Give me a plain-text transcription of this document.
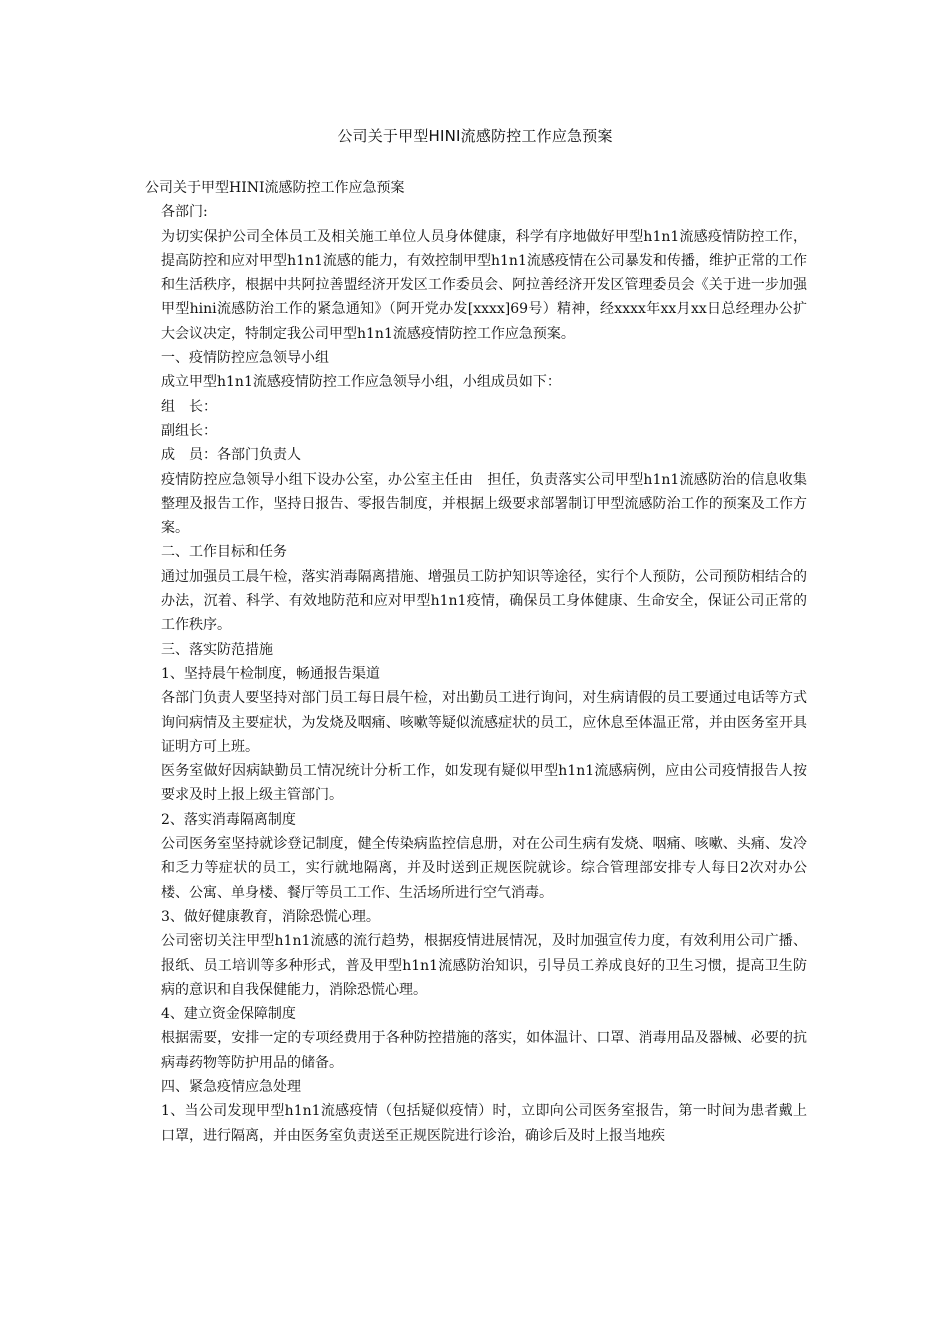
公司关于甲型HINI流感防控工作应急预案

公司关于甲型HINI流感防控工作应急预案

各部门:

为切实保护公司全体员工及相关施工单位人员身体健康，科学有序地做好甲型h1n1流感疫情防控工作，提高防控和应对甲型h1n1流感的能力，有效控制甲型h1n1流感疫情在公司暴发和传播，维护正常的工作和生活秩序，根据中共阿拉善盟经济开发区工作委员会、阿拉善经济开发区管理委员会《关于进一步加强甲型hini流感防治工作的紧急通知》（阿开党办发[xxxx]69号）精神，经xxxx年xx月xx日总经理办公扩大会议决定，特制定我公司甲型h1n1流感疫情防控工作应急预案。

一、疫情防控应急领导小组

成立甲型h1n1流感疫情防控工作应急领导小组，小组成员如下：

组　长：

副组长：

成　员：各部门负责人

疫情防控应急领导小组下设办公室，办公室主任由　担任，负责落实公司甲型h1n1流感防治的信息收集整理及报告工作，坚持日报告、零报告制度，并根据上级要求部署制订甲型流感防治工作的预案及工作方案。

二、工作目标和任务

通过加强员工晨午检，落实消毒隔离措施、增强员工防护知识等途径，实行个人预防，公司预防相结合的办法，沉着、科学、有效地防范和应对甲型h1n1疫情，确保员工身体健康、生命安全，保证公司正常的工作秩序。

三、落实防范措施

1、坚持晨午检制度，畅通报告渠道

各部门负责人要坚持对部门员工每日晨午检，对出勤员工进行询问，对生病请假的员工要通过电话等方式询问病情及主要症状，为发烧及咽痛、咳嗽等疑似流感症状的员工，应休息至体温正常，并由医务室开具证明方可上班。

医务室做好因病缺勤员工情况统计分析工作，如发现有疑似甲型h1n1流感病例，应由公司疫情报告人按要求及时上报上级主管部门。

2、落实消毒隔离制度

公司医务室坚持就诊登记制度，健全传染病监控信息册，对在公司生病有发烧、咽痛、咳嗽、头痛、发冷和乏力等症状的员工，实行就地隔离，并及时送到正规医院就诊。综合管理部安排专人每日2次对办公楼、公寓、单身楼、餐厅等员工工作、生活场所进行空气消毒。

3、做好健康教育，消除恐慌心理。

公司密切关注甲型h1n1流感的流行趋势，根据疫情进展情况，及时加强宣传力度，有效利用公司广播、报纸、员工培训等多种形式，普及甲型h1n1流感防治知识，引导员工养成良好的卫生习惯，提高卫生防病的意识和自我保健能力，消除恐慌心理。

4、建立资金保障制度

根据需要，安排一定的专项经费用于各种防控措施的落实，如体温计、口罩、消毒用品及器械、必要的抗病毒药物等防护用品的储备。

四、紧急疫情应急处理

1、当公司发现甲型h1n1流感疫情（包括疑似疫情）时，立即向公司医务室报告，第一时间为患者戴上口罩，进行隔离，并由医务室负责送至正规医院进行诊治，确诊后及时上报当地疾
